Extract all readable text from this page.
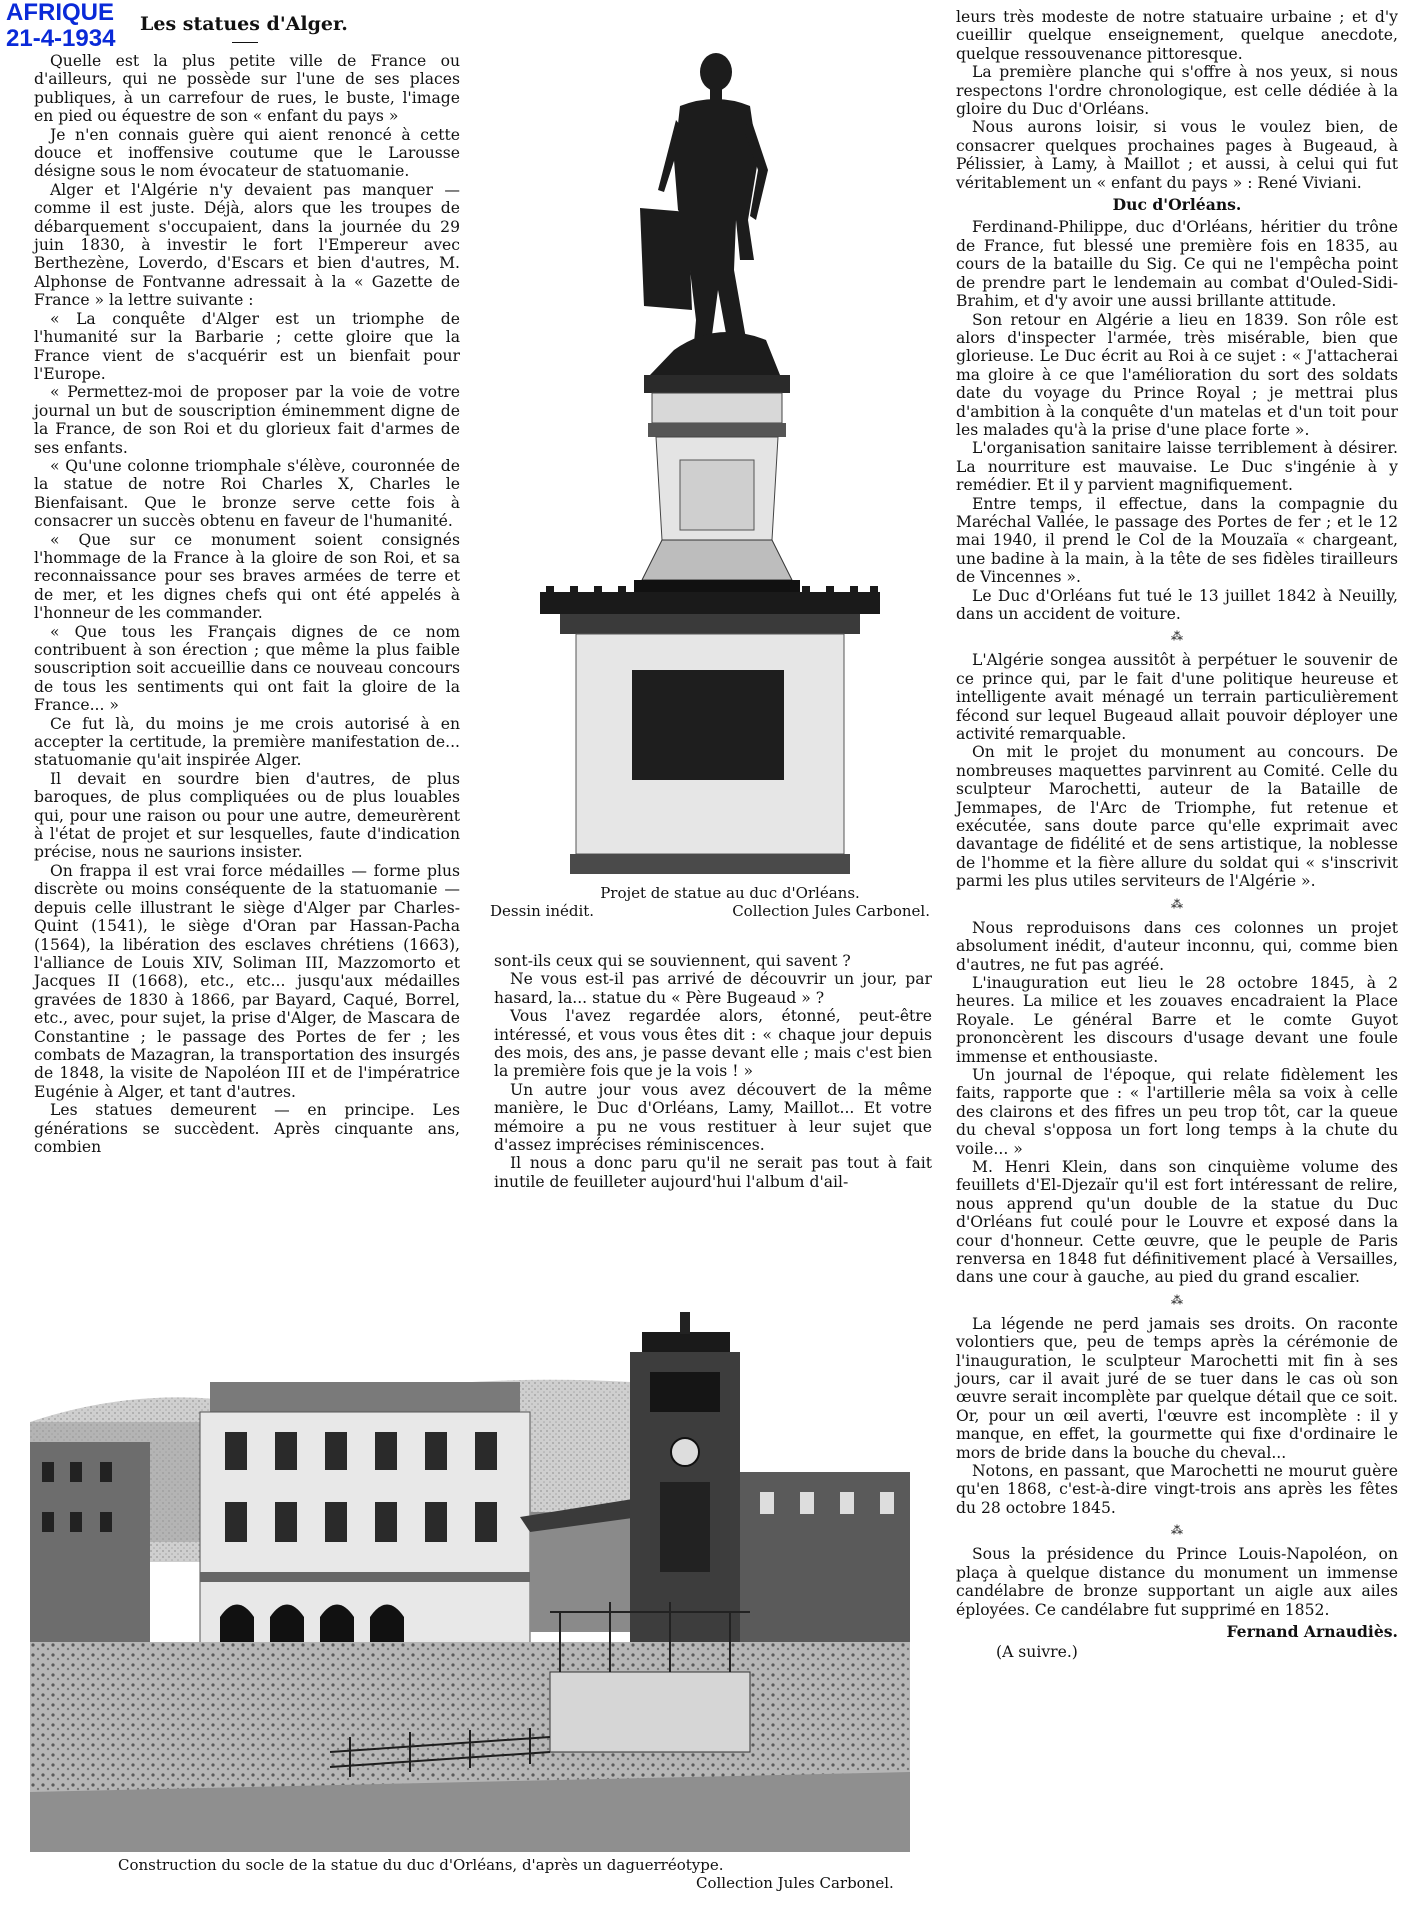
AFRIQUE
21-4-1934
Les statues d'Alger.

Quelle est la plus petite ville de France ou d'ailleurs, qui ne possède sur l'une de ses places publiques, à un carrefour de rues, le buste, l'image en pied ou équestre de son « enfant du pays »

Je n'en connais guère qui aient renoncé à cette douce et inoffensive coutume que le Larousse désigne sous le nom évocateur de statuomanie.

Alger et l'Algérie n'y devaient pas manquer — comme il est juste. Déjà, alors que les troupes de débarquement s'occupaient, dans la journée du 29 juin 1830, à investir le fort l'Empereur avec Berthezène, Loverdo, d'Escars et bien d'autres, M. Alphonse de Fontvanne adressait à la « Gazette de France » la lettre suivante :

« La conquête d'Alger est un triomphe de l'humanité sur la Barbarie ; cette gloire que la France vient de s'acquérir est un bienfait pour l'Europe.

« Permettez-moi de proposer par la voie de votre journal un but de souscription éminemment digne de la France, de son Roi et du glorieux fait d'armes de ses enfants.

« Qu'une colonne triomphale s'élève, couronnée de la statue de notre Roi Charles X, Charles le Bienfaisant. Que le bronze serve cette fois à consacrer un succès obtenu en faveur de l'humanité.

« Que sur ce monument soient consignés l'hommage de la France à la gloire de son Roi, et sa reconnaissance pour ses braves armées de terre et de mer, et les dignes chefs qui ont été appelés à l'honneur de les commander.

« Que tous les Français dignes de ce nom contribuent à son érection ; que même la plus faible souscription soit accueillie dans ce nouveau concours de tous les sentiments qui ont fait la gloire de la France... »

Ce fut là, du moins je me crois autorisé à en accepter la certitude, la première manifestation de... statuomanie qu'ait inspirée Alger.

Il devait en sourdre bien d'autres, de plus baroques, de plus compliquées ou de plus louables qui, pour une raison ou pour une autre, demeurèrent à l'état de projet et sur lesquelles, faute d'indication précise, nous ne saurions insister.

On frappa il est vrai force médailles — forme plus discrète ou moins conséquente de la statuomanie — depuis celle illustrant le siège d'Alger par Charles-Quint (1541), le siège d'Oran par Hassan-Pacha (1564), la libération des esclaves chrétiens (1663), l'alliance de Louis XIV, Soliman III, Mazzomorto et Jacques II (1668), etc., etc... jusqu'aux médailles gravées de 1830 à 1866, par Bayard, Caqué, Borrel, etc., avec, pour sujet, la prise d'Alger, de Mascara de Constantine ; le passage des Portes de fer ; les combats de Mazagran, la transportation des insurgés de 1848, la visite de Napoléon III et de l'impératrice Eugénie à Alger, et tant d'autres.

Les statues demeurent — en principe. Les générations se succèdent. Après cinquante ans, combien

Projet de statue au duc d'Orléans.
Dessin inédit.	Collection Jules Carbonel.

sont-ils ceux qui se souviennent, qui savent ?

Ne vous est-il pas arrivé de découvrir un jour, par hasard, la... statue du « Père Bugeaud » ?

Vous l'avez regardée alors, étonné, peut-être intéressé, et vous vous êtes dit : « chaque jour depuis des mois, des ans, je passe devant elle ; mais c'est bien la première fois que je la vois ! »

Un autre jour vous avez découvert de la même manière, le Duc d'Orléans, Lamy, Maillot... Et votre mémoire a pu ne vous restituer à leur sujet que d'assez imprécises réminiscences.

Il nous a donc paru qu'il ne serait pas tout à fait inutile de feuilleter aujourd'hui l'album d'ail-

leurs très modeste de notre statuaire urbaine ; et d'y cueillir quelque enseignement, quelque anecdote, quelque ressouvenance pittoresque.

La première planche qui s'offre à nos yeux, si nous respectons l'ordre chronologique, est celle dédiée à la gloire du Duc d'Orléans.

Nous aurons loisir, si vous le voulez bien, de consacrer quelques prochaines pages à Bugeaud, à Pélissier, à Lamy, à Maillot ; et aussi, à celui qui fut véritablement un « enfant du pays » : René Viviani.

Duc d'Orléans.

Ferdinand-Philippe, duc d'Orléans, héritier du trône de France, fut blessé une première fois en 1835, au cours de la bataille du Sig. Ce qui ne l'empêcha point de prendre part le lendemain au combat d'Ouled-Sidi-Brahim, et d'y avoir une aussi brillante attitude.

Son retour en Algérie a lieu en 1839. Son rôle est alors d'inspecter l'armée, très misérable, bien que glorieuse. Le Duc écrit au Roi à ce sujet : « J'attacherai ma gloire à ce que l'amélioration du sort des soldats date du voyage du Prince Royal ; je mettrai plus d'ambition à la conquête d'un matelas et d'un toit pour les malades qu'à la prise d'une place forte ».

L'organisation sanitaire laisse terriblement à désirer. La nourriture est mauvaise. Le Duc s'ingénie à y remédier. Et il y parvient magnifiquement.

Entre temps, il effectue, dans la compagnie du Maréchal Vallée, le passage des Portes de fer ; et le 12 mai 1940, il prend le Col de la Mouzaïa « chargeant, une badine à la main, à la tête de ses fidèles tirailleurs de Vincennes ».

Le Duc d'Orléans fut tué le 13 juillet 1842 à Neuilly, dans un accident de voiture.

⁂

L'Algérie songea aussitôt à perpétuer le souvenir de ce prince qui, par le fait d'une politique heureuse et intelligente avait ménagé un terrain particulièrement fécond sur lequel Bugeaud allait pouvoir déployer une activité remarquable.

On mit le projet du monument au concours. De nombreuses maquettes parvinrent au Comité. Celle du sculpteur Marochetti, auteur de la Bataille de Jemmapes, de l'Arc de Triomphe, fut retenue et exécutée, sans doute parce qu'elle exprimait avec davantage de fidélité et de sens artistique, la noblesse de l'homme et la fière allure du soldat qui « s'inscrivit parmi les plus utiles serviteurs de l'Algérie ».

⁂

Nous reproduisons dans ces colonnes un projet absolument inédit, d'auteur inconnu, qui, comme bien d'autres, ne fut pas agréé.

L'inauguration eut lieu le 28 octobre 1845, à 2 heures. La milice et les zouaves encadraient la Place Royale. Le général Barre et le comte Guyot prononcèrent les discours d'usage devant une foule immense et enthousiaste.

Un journal de l'époque, qui relate fidèlement les faits, rapporte que : « l'artillerie mêla sa voix à celle des clairons et des fifres un peu trop tôt, car la queue du cheval s'opposa un fort long temps à la chute du voile... »

M. Henri Klein, dans son cinquième volume des feuillets d'El-Djezaïr qu'il est fort intéressant de relire, nous apprend qu'un double de la statue du Duc d'Orléans fut coulé pour le Louvre et exposé dans la cour d'honneur. Cette œuvre, que le peuple de Paris renversa en 1848 fut définitivement placé à Versailles, dans une cour à gauche, au pied du grand escalier.

⁂

La légende ne perd jamais ses droits. On raconte volontiers que, peu de temps après la cérémonie de l'inauguration, le sculpteur Marochetti mit fin à ses jours, car il avait juré de se tuer dans le cas où son œuvre serait incomplète par quelque détail que ce soit. Or, pour un œil averti, l'œuvre est incomplète : il y manque, en effet, la gourmette qui fixe d'ordinaire le mors de bride dans la bouche du cheval...

Notons, en passant, que Marochetti ne mourut guère qu'en 1868, c'est-à-dire vingt-trois ans après les fêtes du 28 octobre 1845.

⁂

Sous la présidence du Prince Louis-Napoléon, on plaça à quelque distance du monument un immense candélabre de bronze supportant un aigle aux ailes éployées. Ce candélabre fut supprimé en 1852.

Fernand Arnaudiès.
(A suivre.)
Construction du socle de la statue du duc d'Orléans, d'après un daguerréotype.
Collection Jules Carbonel.
